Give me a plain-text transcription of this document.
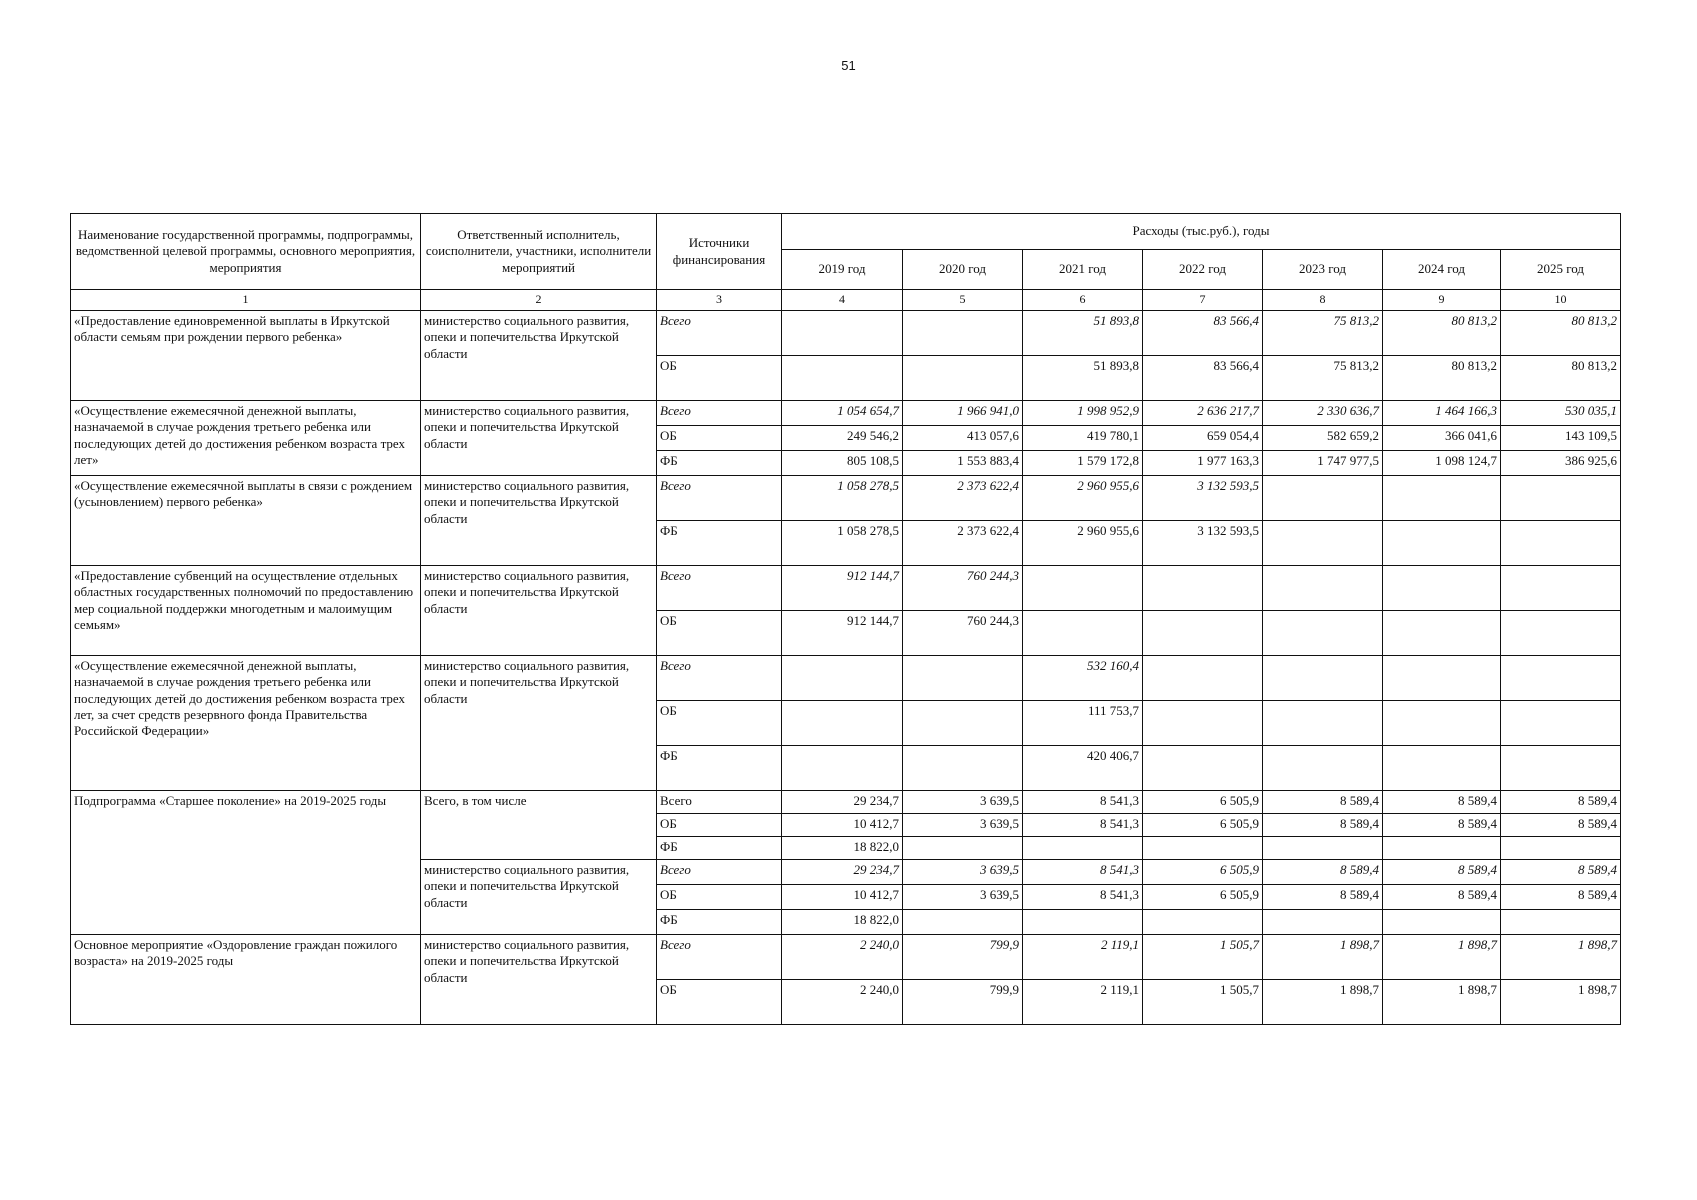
51
Наименование государственной программы, подпрограммы, ведомственной целевой программы, основного мероприятия, мероприятия	Ответственный исполнитель, соисполнители, участники, исполнители мероприятий	Источники финансирования	Расходы (тыс.руб.), годы						
			2019 год	2020 год	2021 год	2022 год	2023 год	2024 год	2025 год
1	2	3	4	5	6	7	8	9	10
«Предоставление единовременной выплаты в Иркутской области семьям при рождении первого ребенка»	министерство социального развития, опеки и попечительства Иркутской области	Всего			51 893,8	83 566,4	75 813,2	80 813,2	80 813,2
		ОБ			51 893,8	83 566,4	75 813,2	80 813,2	80 813,2
«Осуществление ежемесячной денежной выплаты, назначаемой в случае рождения третьего ребенка или последующих детей до достижения ребенком возраста трех лет»	министерство социального развития, опеки и попечительства Иркутской области	Всего	1 054 654,7	1 966 941,0	1 998 952,9	2 636 217,7	2 330 636,7	1 464 166,3	530 035,1
		ОБ	249 546,2	413 057,6	419 780,1	659 054,4	582 659,2	366 041,6	143 109,5
		ФБ	805 108,5	1 553 883,4	1 579 172,8	1 977 163,3	1 747 977,5	1 098 124,7	386 925,6
«Осуществление ежемесячной выплаты в связи с рождением (усыновлением) первого ребенка»	министерство социального развития, опеки и попечительства Иркутской области	Всего	1 058 278,5	2 373 622,4	2 960 955,6	3 132 593,5			
		ФБ	1 058 278,5	2 373 622,4	2 960 955,6	3 132 593,5			
«Предоставление субвенций на осуществление отдельных областных государственных полномочий по предоставлению мер социальной поддержки многодетным и малоимущим семьям»	министерство социального развития, опеки и попечительства Иркутской области	Всего	912 144,7	760 244,3					
		ОБ	912 144,7	760 244,3					
«Осуществление ежемесячной денежной выплаты, назначаемой в случае рождения третьего ребенка или последующих детей до достижения ребенком возраста трех лет, за счет средств резервного фонда Правительства Российской Федерации»	министерство социального развития, опеки и попечительства Иркутской области	Всего			532 160,4				
		ОБ			111 753,7				
		ФБ			420 406,7				
Подпрограмма «Старшее поколение» на 2019-2025 годы	Всего, в том числе	Всего	29 234,7	3 639,5	8 541,3	6 505,9	8 589,4	8 589,4	8 589,4
		ОБ	10 412,7	3 639,5	8 541,3	6 505,9	8 589,4	8 589,4	8 589,4
		ФБ	18 822,0						
	министерство социального развития, опеки и попечительства Иркутской области	Всего	29 234,7	3 639,5	8 541,3	6 505,9	8 589,4	8 589,4	8 589,4
		ОБ	10 412,7	3 639,5	8 541,3	6 505,9	8 589,4	8 589,4	8 589,4
		ФБ	18 822,0						
Основное мероприятие «Оздоровление граждан пожилого возраста» на 2019-2025 годы	министерство социального развития, опеки и попечительства Иркутской области	Всего	2 240,0	799,9	2 119,1	1 505,7	1 898,7	1 898,7	1 898,7
		ОБ	2 240,0	799,9	2 119,1	1 505,7	1 898,7	1 898,7	1 898,7
